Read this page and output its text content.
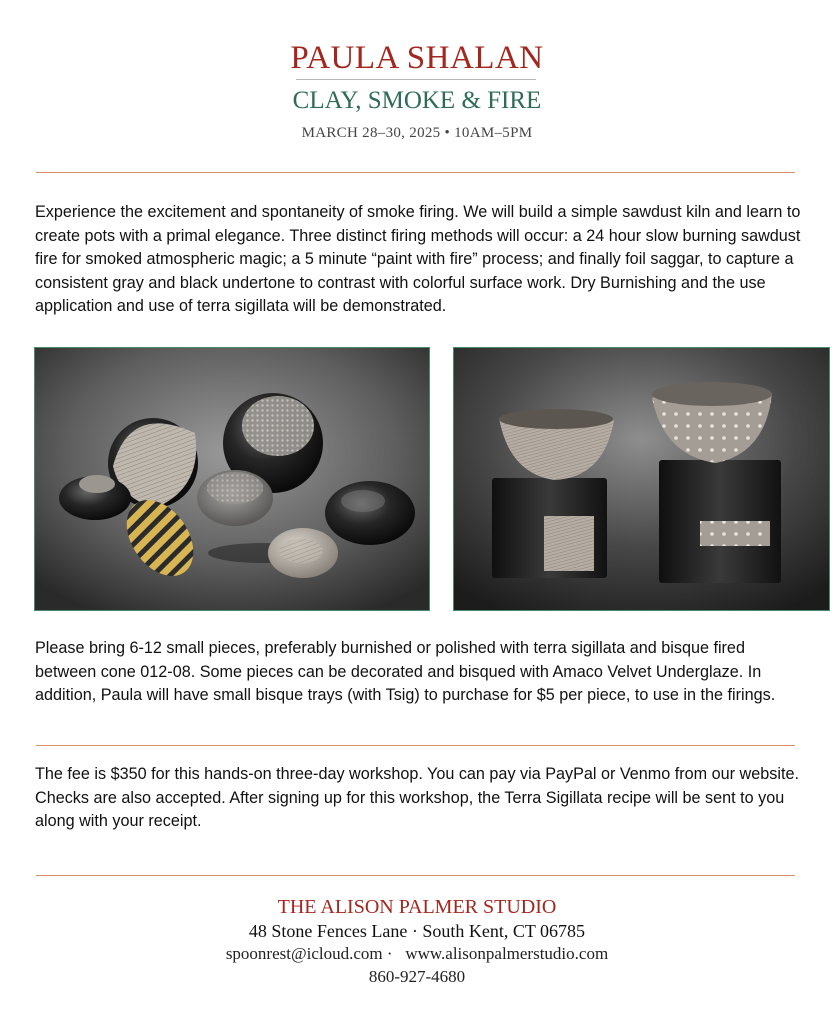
PAULA SHALAN
CLAY, SMOKE & FIRE
MARCH 28–30, 2025 • 10AM–5PM

Experience the excitement and spontaneity of smoke firing. We will build a simple sawdust kiln and learn to create pots with a primal elegance. Three distinct firing methods will occur: a 24 hour slow burning sawdust fire for smoked atmospheric magic; a 5 minute “paint with fire” process; and finally foil saggar, to capture a consistent gray and black undertone to contrast with colorful surface work. Dry Burnishing and the use application and use of terra sigillata will be demonstrated.

Please bring 6-12 small pieces, preferably burnished or polished with terra sigillata and bisque fired between cone 012-08. Some pieces can be decorated and bisqued with Amaco Velvet Underglaze. In addition, Paula will have small bisque trays (with Tsig) to purchase for $5 per piece, to use in the firings.

The fee is $350 for this hands-on three-day workshop. You can pay via PayPal or Venmo from our website. Checks are also accepted. After signing up for this workshop, the Terra Sigillata recipe will be sent to you along with your receipt.

THE ALISON PALMER STUDIO
48 Stone Fences Lane · South Kent, CT 06785
spoonrest@icloud.com ·   www.alisonpalmerstudio.com
860-927-4680
